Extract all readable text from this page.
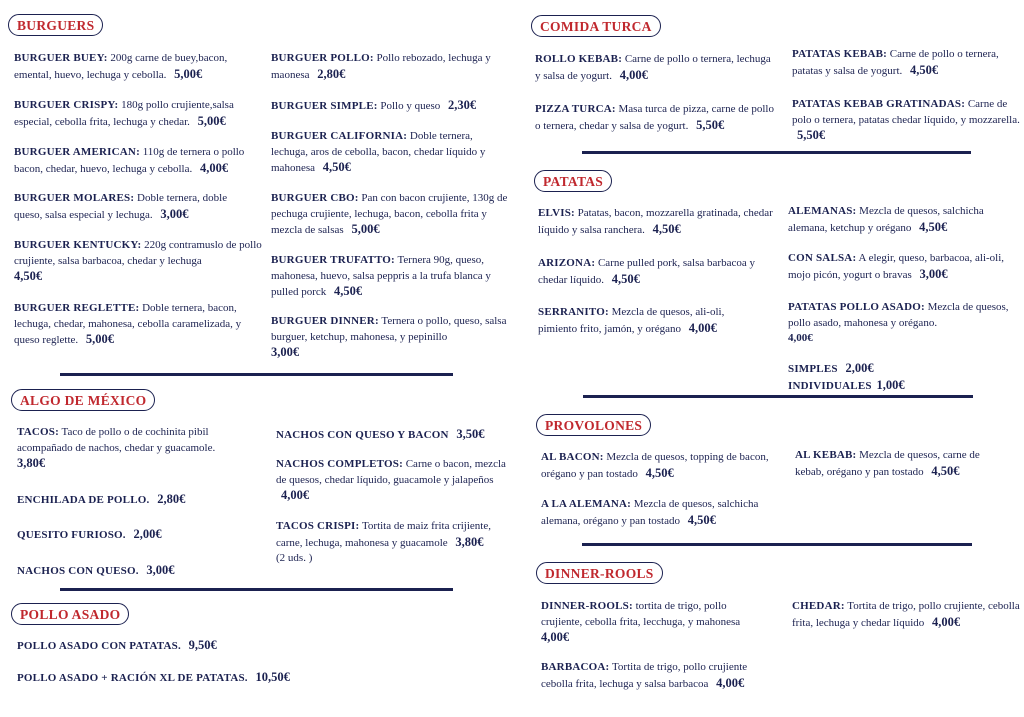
BURGUERS
BURGUER BUEY: 200g carne de buey,bacon, emental, huevo, lechuga y cebolla. 5,00€
BURGUER CRISPY: 180g pollo crujiente,salsa especial, cebolla frita, lechuga y chedar. 5,00€
BURGUER AMERICAN: 110g de ternera o pollo bacon, chedar, huevo, lechuga y cebolla. 4,00€
BURGUER MOLARES: Doble ternera, doble queso, salsa especial y lechuga. 3,00€
BURGUER KENTUCKY: 220g contramuslo de pollo crujiente, salsa barbacoa, chedar y lechuga
4,50€
BURGUER REGLETTE: Doble ternera, bacon, lechuga, chedar, mahonesa, cebolla caramelizada, y queso reglette. 5,00€
BURGUER POLLO: Pollo rebozado, lechuga y maonesa 2,80€
BURGUER SIMPLE: Pollo y queso 2,30€
BURGUER CALIFORNIA: Doble ternera, lechuga, aros de cebolla, bacon, chedar líquido y mahonesa 4,50€
BURGUER CBO: Pan con bacon crujiente, 130g de pechuga crujiente, lechuga, bacon, cebolla frita y mezcla de salsas 5,00€
BURGUER TRUFATTO: Ternera 90g, queso, mahonesa, huevo, salsa peppris a la trufa blanca y pulled porck 4,50€
BURGUER DINNER: Ternera o pollo, queso, salsa burguer, ketchup, mahonesa, y pepinillo
3,00€
ALGO DE MÉXICO
TACOS: Taco de pollo o de cochinita pibil acompañado de nachos, chedar y guacamole.
3,80€
ENCHILADA DE POLLO. 2,80€
QUESITO FURIOSO. 2,00€
NACHOS CON QUESO. 3,00€
NACHOS CON QUESO Y BACON 3,50€
NACHOS COMPLETOS: Carne o bacon, mezcla de quesos, chedar líquido, guacamole y jalapeños 4,00€
TACOS CRISPI: Tortita de maiz frita crijiente, carne, lechuga, mahonesa y guacamole 3,80€
(2 uds. )
POLLO ASADO
POLLO ASADO CON PATATAS. 9,50€
POLLO ASADO + RACIÓN XL DE PATATAS. 10,50€
COMIDA TURCA
ROLLO KEBAB: Carne de pollo o ternera, lechuga y salsa de yogurt. 4,00€
PIZZA TURCA: Masa turca de pizza, carne de pollo o ternera, chedar y salsa de yogurt. 5,50€
PATATAS KEBAB: Carne de pollo o ternera, patatas y salsa de yogurt. 4,50€
PATATAS KEBAB GRATINADAS: Carne de polo o ternera, patatas chedar líquido, y mozzarella. 5,50€
PATATAS
ELVIS: Patatas, bacon, mozzarella gratinada, chedar líquido y salsa ranchera. 4,50€
ARIZONA: Carne pulled pork, salsa barbacoa y chedar líquido. 4,50€
SERRANITO: Mezcla de quesos, ali-oli, pimiento frito, jamón, y orégano 4,00€
ALEMANAS: Mezcla de quesos, salchicha alemana, ketchup y orégano 4,50€
CON SALSA: A elegir, queso, barbacoa, ali-oli, mojo picón, yogurt o bravas 3,00€
PATATAS POLLO ASADO: Mezcla de quesos, pollo asado, mahonesa y orégano.
4,00€
SIMPLES 2,00€
INDIVIDUALES 1,00€
PROVOLONES
AL BACON: Mezcla de quesos, topping de bacon, orégano y pan tostado 4,50€
A LA ALEMANA: Mezcla de quesos, salchicha alemana, orégano y pan tostado 4,50€
AL KEBAB: Mezcla de quesos, carne de kebab, orégano y pan tostado 4,50€
DINNER-ROOLS
DINNER-ROOLS: tortita de trigo, pollo crujiente, cebolla frita, lecchuga, y mahonesa
4,00€
BARBACOA: Tortita de trigo, pollo crujiente cebolla frita, lechuga y salsa barbacoa 4,00€
CHEDAR: Tortita de trigo, pollo crujiente, cebolla frita, lechuga y chedar líquido 4,00€
